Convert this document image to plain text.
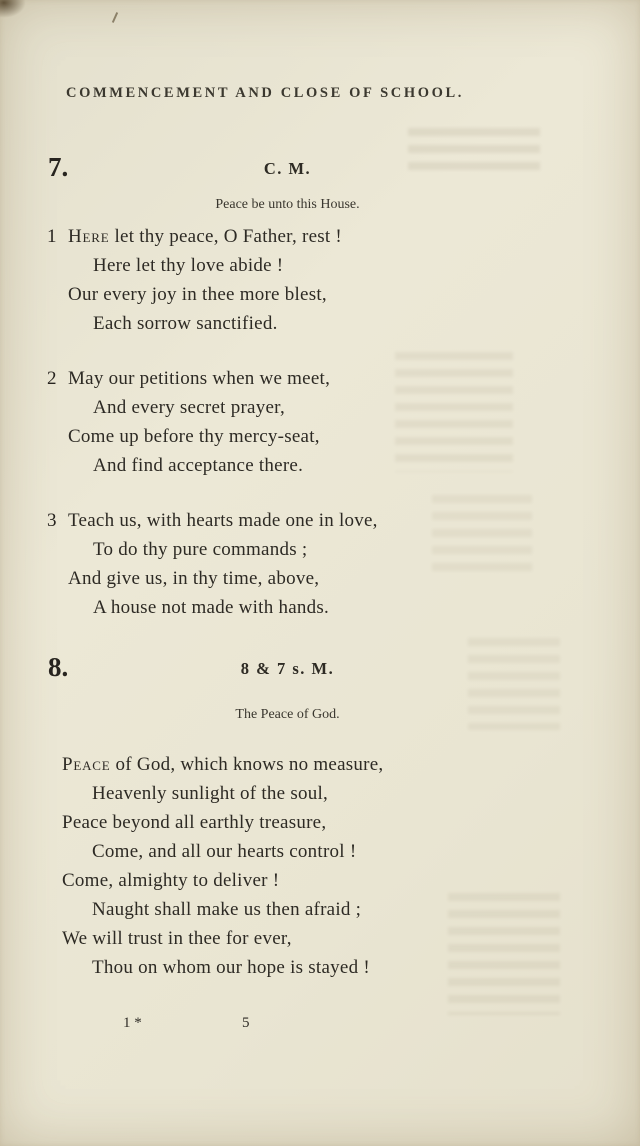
COMMENCEMENT AND CLOSE OF SCHOOL.
7.	C. M.
Peace be unto this House.
1 Here let thy peace, O Father, rest !
Here let thy love abide !
Our every joy in thee more blest,
Each sorrow sanctified.
2 May our petitions when we meet,
And every secret prayer,
Come up before thy mercy-seat,
And find acceptance there.
3 Teach us, with hearts made one in love,
To do thy pure commands ;
And give us, in thy time, above,
A house not made with hands.
8.	8 & 7 s. M.
The Peace of God.
Peace of God, which knows no measure,
Heavenly sunlight of the soul,
Peace beyond all earthly treasure,
Come, and all our hearts control !
Come, almighty to deliver !
Naught shall make us then afraid ;
We will trust in thee for ever,
Thou on whom our hope is stayed !
1 *	5
